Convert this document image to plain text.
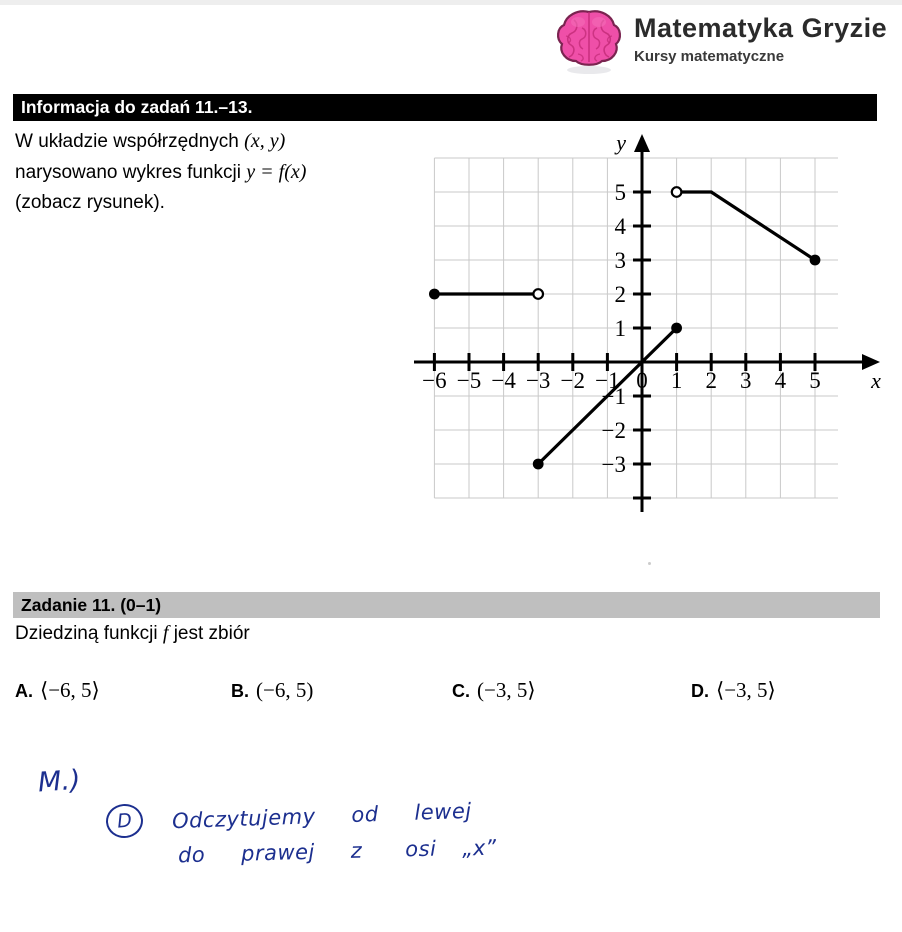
Matematyka Gryzie
Kursy matematyczne
Informacja do zadań 11.–13.
W układzie współrzędnych (x, y)
narysowano wykres funkcji y = f(x)
(zobacz rysunek).
y
x
−6 −5 −4 −3 −2 −1 0 1 2 3 4 5
−3
−2
−1
1
2
3
4
5
Zadanie 11. (0–1)
Dziedziną funkcji f jest zbiór
A. ⟨−6, 5⟩	B. (−6, 5)	C. (−3, 5⟩	D. ⟨−3, 5⟩
M.)
D	Odczytujemy     od     lewej
do     prawej     z      osi „x”
